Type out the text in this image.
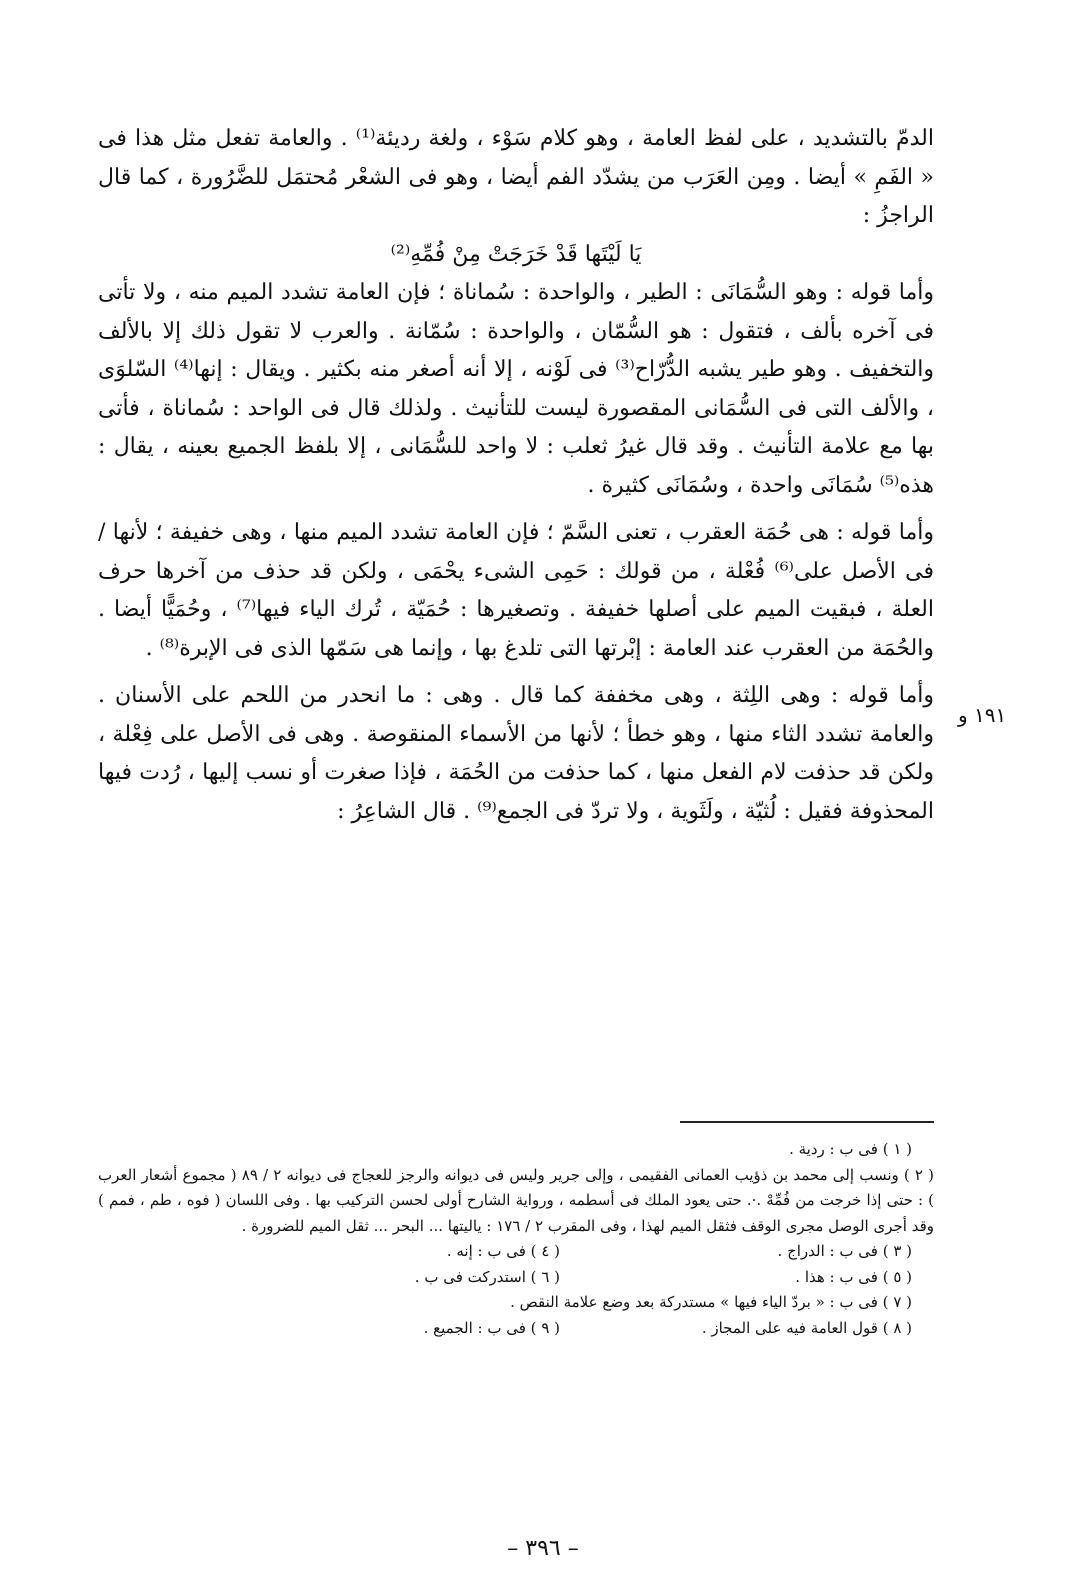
الدمّ بالتشديد ، على لفظ العامة ، وهو كلام سَوْء ، ولغة رديئة⁽¹⁾ . والعامة تفعل مثل هذا فى « الفَمِ » أيضا . ومِن العَرَب من يشدّد الفم أيضا ، وهو فى الشعْر مُحتمَل للضَّرُورة ، كما قال الراجزُ :

يَا لَيْتَها قَدْ خَرَجَتْ مِنْ فُمِّهِ⁽²⁾

وأما قوله : وهو السُّمَانَى : الطير ، والواحدة : سُماناة ؛ فإن العامة تشدد الميم منه ، ولا تأتى فى آخره بألف ، فتقول : هو السُّمّان ، والواحدة : سُمّانة . والعرب لا تقول ذلك إلا بالألف والتخفيف . وهو طير يشبه الدُّرّاح⁽³⁾ فى لَوْنه ، إلا أنه أصغر منه بكثير . ويقال : إنها⁽⁴⁾ السّلوَى ، والألف التى فى السُّمَانى المقصورة ليست للتأنيث . ولذلك قال فى الواحد : سُماناة ، فأتى بها مع علامة التأنيث . وقد قال غيرُ ثعلب : لا واحد للسُّمَانى ، إلا بلفظ الجميع بعينه ، يقال : هذه⁽⁵⁾ سُمَانَى واحدة ، وسُمَانَى كثيرة .

وأما قوله : هى حُمَة العقرب ، تعنى السَّمّ ؛ فإن العامة تشدد الميم منها ، وهى خفيفة ؛ لأنها / فى الأصل على⁽⁶⁾ فُعْلة ، من قولك : حَمِى الشىء يحْمَى ، ولكن قد حذف من آخرها حرف العلة ، فبقيت الميم على أصلها خفيفة . وتصغيرها : حُمَيّة ، تُرك الياء فيها⁽⁷⁾ ، وحُمَيًّا أيضا . والحُمَة من العقرب عند العامة : إبْرتها التى تلدغ بها ، وإنما هى سَمّها الذى فى الإبرة⁽⁸⁾ .

وأما قوله : وهى اللِثة ، وهى مخففة كما قال . وهى : ما انحدر من اللحم على الأسنان . والعامة تشدد الثاء منها ، وهو خطأ ؛ لأنها من الأسماء المنقوصة . وهى فى الأصل على فِعْلة ، ولكن قد حذفت لام الفعل منها ، كما حذفت من الحُمَة ، فإذا صغرت أو نسب إليها ، رُدت فيها المحذوفة فقيل : لُثيّة ، ولَثَوية ، ولا تردّ فى الجمع⁽⁹⁾ . قال الشاعِرُ :

١٩١ و

( ١ ) فى ب : ردية .

( ٢ ) ونسب إلى محمد بن ذؤيب العمانى الفقيمى ، وإلى جرير وليس فى ديوانه والرجز للعجاج فى ديوانه ٢ / ٨٩ ( مجموع أشعار العرب ) : حتى إذا خرجت من فُمِّهْ .·. حتى يعود الملك فى أسطمه ، ورواية الشارح أولى لحسن التركيب بها . وفى اللسان ( فوه ، طم ، فمم ) وقد أجرى الوصل مجرى الوقف فثقل الميم لهذا ، وفى المقرب ٢ / ١٧٦ : ياليتها ... البحر ... ثقل الميم للضرورة .

( ٣ ) فى ب : الدراج .
( ٤ ) فى ب : إنه .
( ٥ ) فى ب : هذا .
( ٦ ) استدركت فى ب .

( ٧ ) فى ب : « بردّ الياء فيها » مستدركة بعد وضع علامة النقص .

( ٨ ) قول العامة فيه على المجاز .
( ٩ ) فى ب : الجميع .
– ٣٩٦ –
